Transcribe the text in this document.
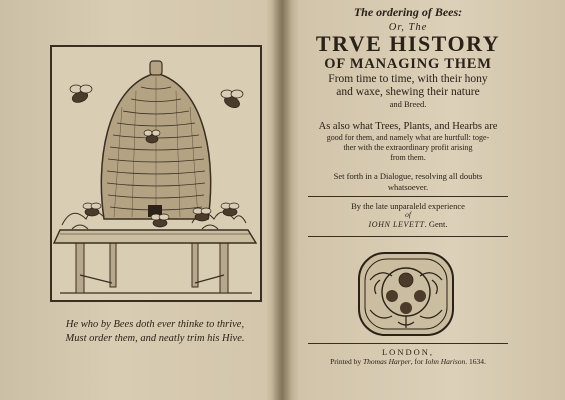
He who by Bees doth ever thinke to thrive,
Must order them, and neatly trim his Hive.
The ordering of Bees:
Or, The
TRVE HISTORY
OF MANAGING THEM
From time to time, with their hony
and waxe, shewing their nature
and Breed.
As also what Trees, Plants, and Hearbs are
good for them, and namely what are hurtfull: toge-
ther with the extraordinary profit arising
from them.
Set forth in a Dialogue, resolving all doubts
whatsoever.
By the late unparaleld experience
of
IOHN LEVETT. Gent.
LONDON,
Printed by Thomas Harper, for Iohn Harison. 1634.
